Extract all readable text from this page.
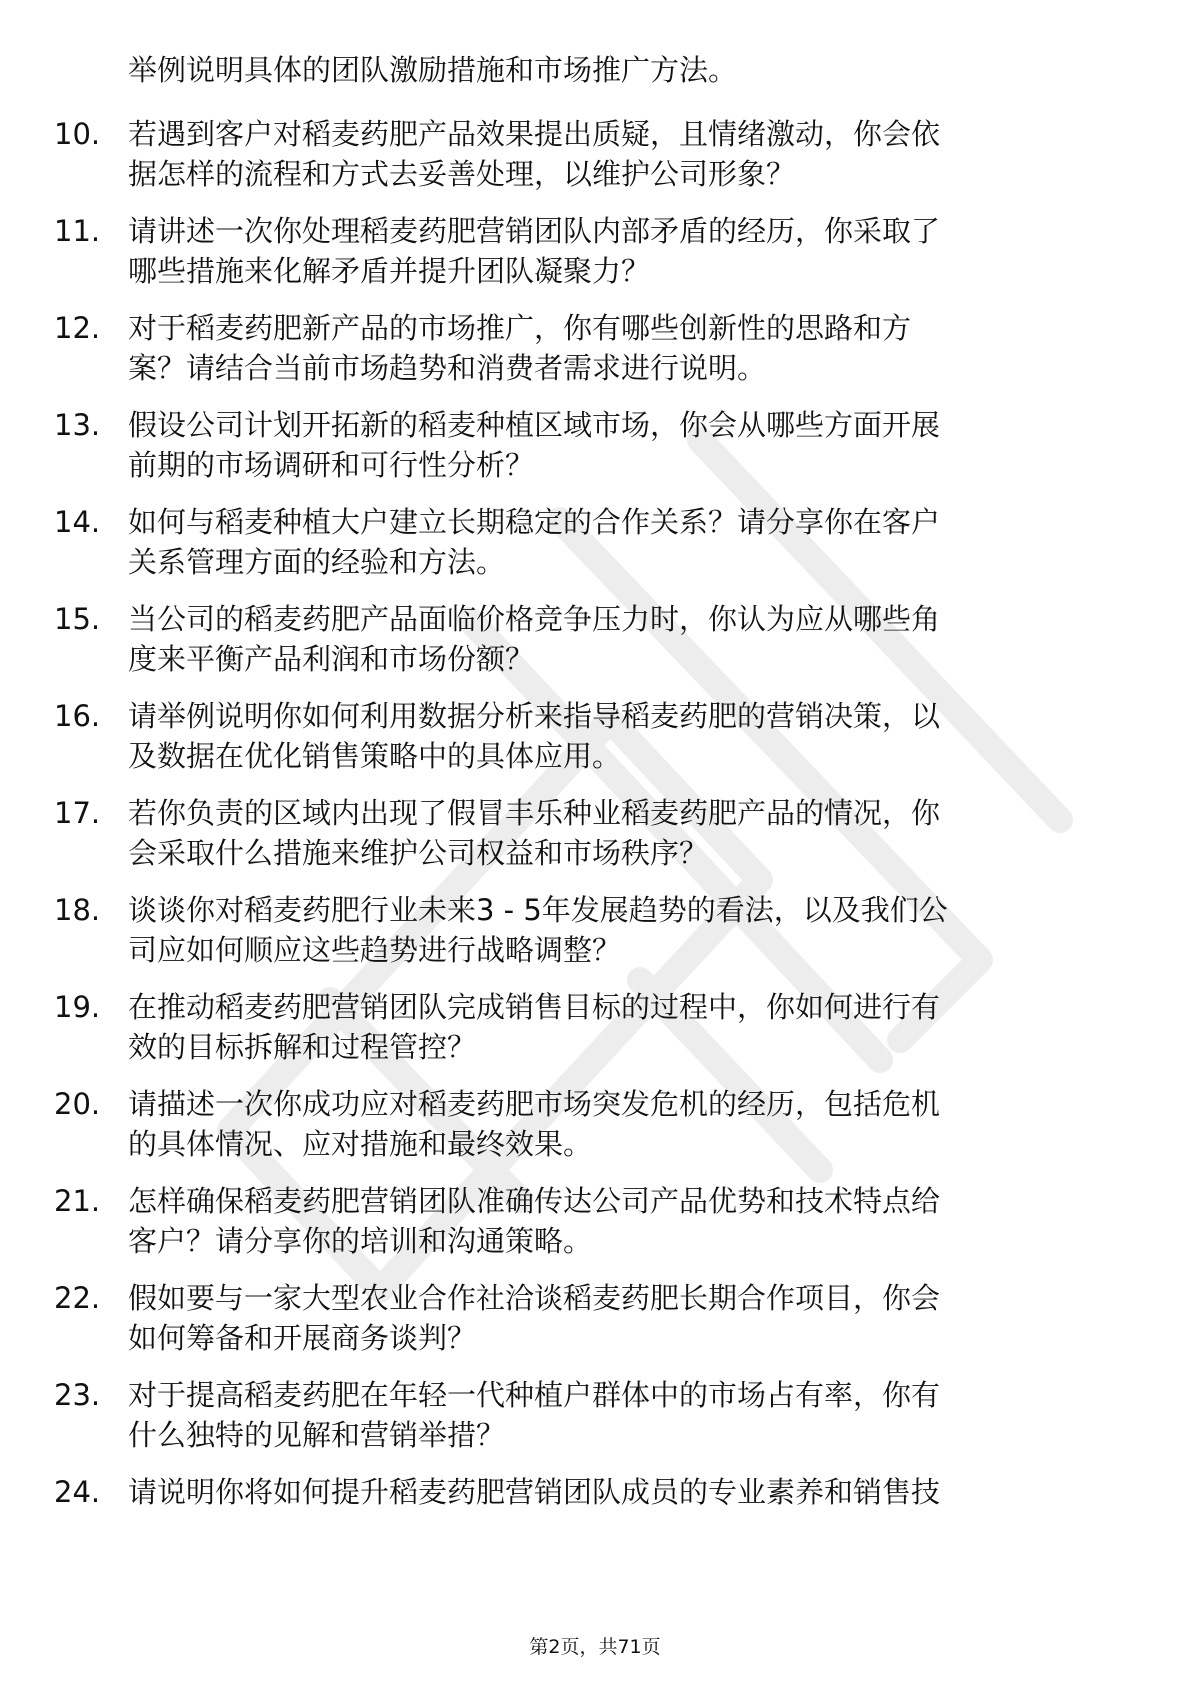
举例说明具体的团队激励措施和市场推广方法。
10. 若遇到客户对稻麦药肥产品效果提出质疑，且情绪激动，你会依
据怎样的流程和方式去妥善处理，以维护公司形象？
11. 请讲述一次你处理稻麦药肥营销团队内部矛盾的经历，你采取了
哪些措施来化解矛盾并提升团队凝聚力？
12. 对于稻麦药肥新产品的市场推广，你有哪些创新性的思路和方
案？请结合当前市场趋势和消费者需求进行说明。
13. 假设公司计划开拓新的稻麦种植区域市场，你会从哪些方面开展
前期的市场调研和可行性分析？
14. 如何与稻麦种植大户建立长期稳定的合作关系？请分享你在客户
关系管理方面的经验和方法。
15. 当公司的稻麦药肥产品面临价格竞争压力时，你认为应从哪些角
度来平衡产品利润和市场份额？
16. 请举例说明你如何利用数据分析来指导稻麦药肥的营销决策，以
及数据在优化销售策略中的具体应用。
17. 若你负责的区域内出现了假冒丰乐种业稻麦药肥产品的情况，你
会采取什么措施来维护公司权益和市场秩序？
18. 谈谈你对稻麦药肥行业未来3 - 5年发展趋势的看法，以及我们公
司应如何顺应这些趋势进行战略调整？
19. 在推动稻麦药肥营销团队完成销售目标的过程中，你如何进行有
效的目标拆解和过程管控？
20. 请描述一次你成功应对稻麦药肥市场突发危机的经历，包括危机
的具体情况、应对措施和最终效果。
21. 怎样确保稻麦药肥营销团队准确传达公司产品优势和技术特点给
客户？请分享你的培训和沟通策略。
22. 假如要与一家大型农业合作社洽谈稻麦药肥长期合作项目，你会
如何筹备和开展商务谈判？
23. 对于提高稻麦药肥在年轻一代种植户群体中的市场占有率，你有
什么独特的见解和营销举措？
24. 请说明你将如何提升稻麦药肥营销团队成员的专业素养和销售技
第2页，共71页
